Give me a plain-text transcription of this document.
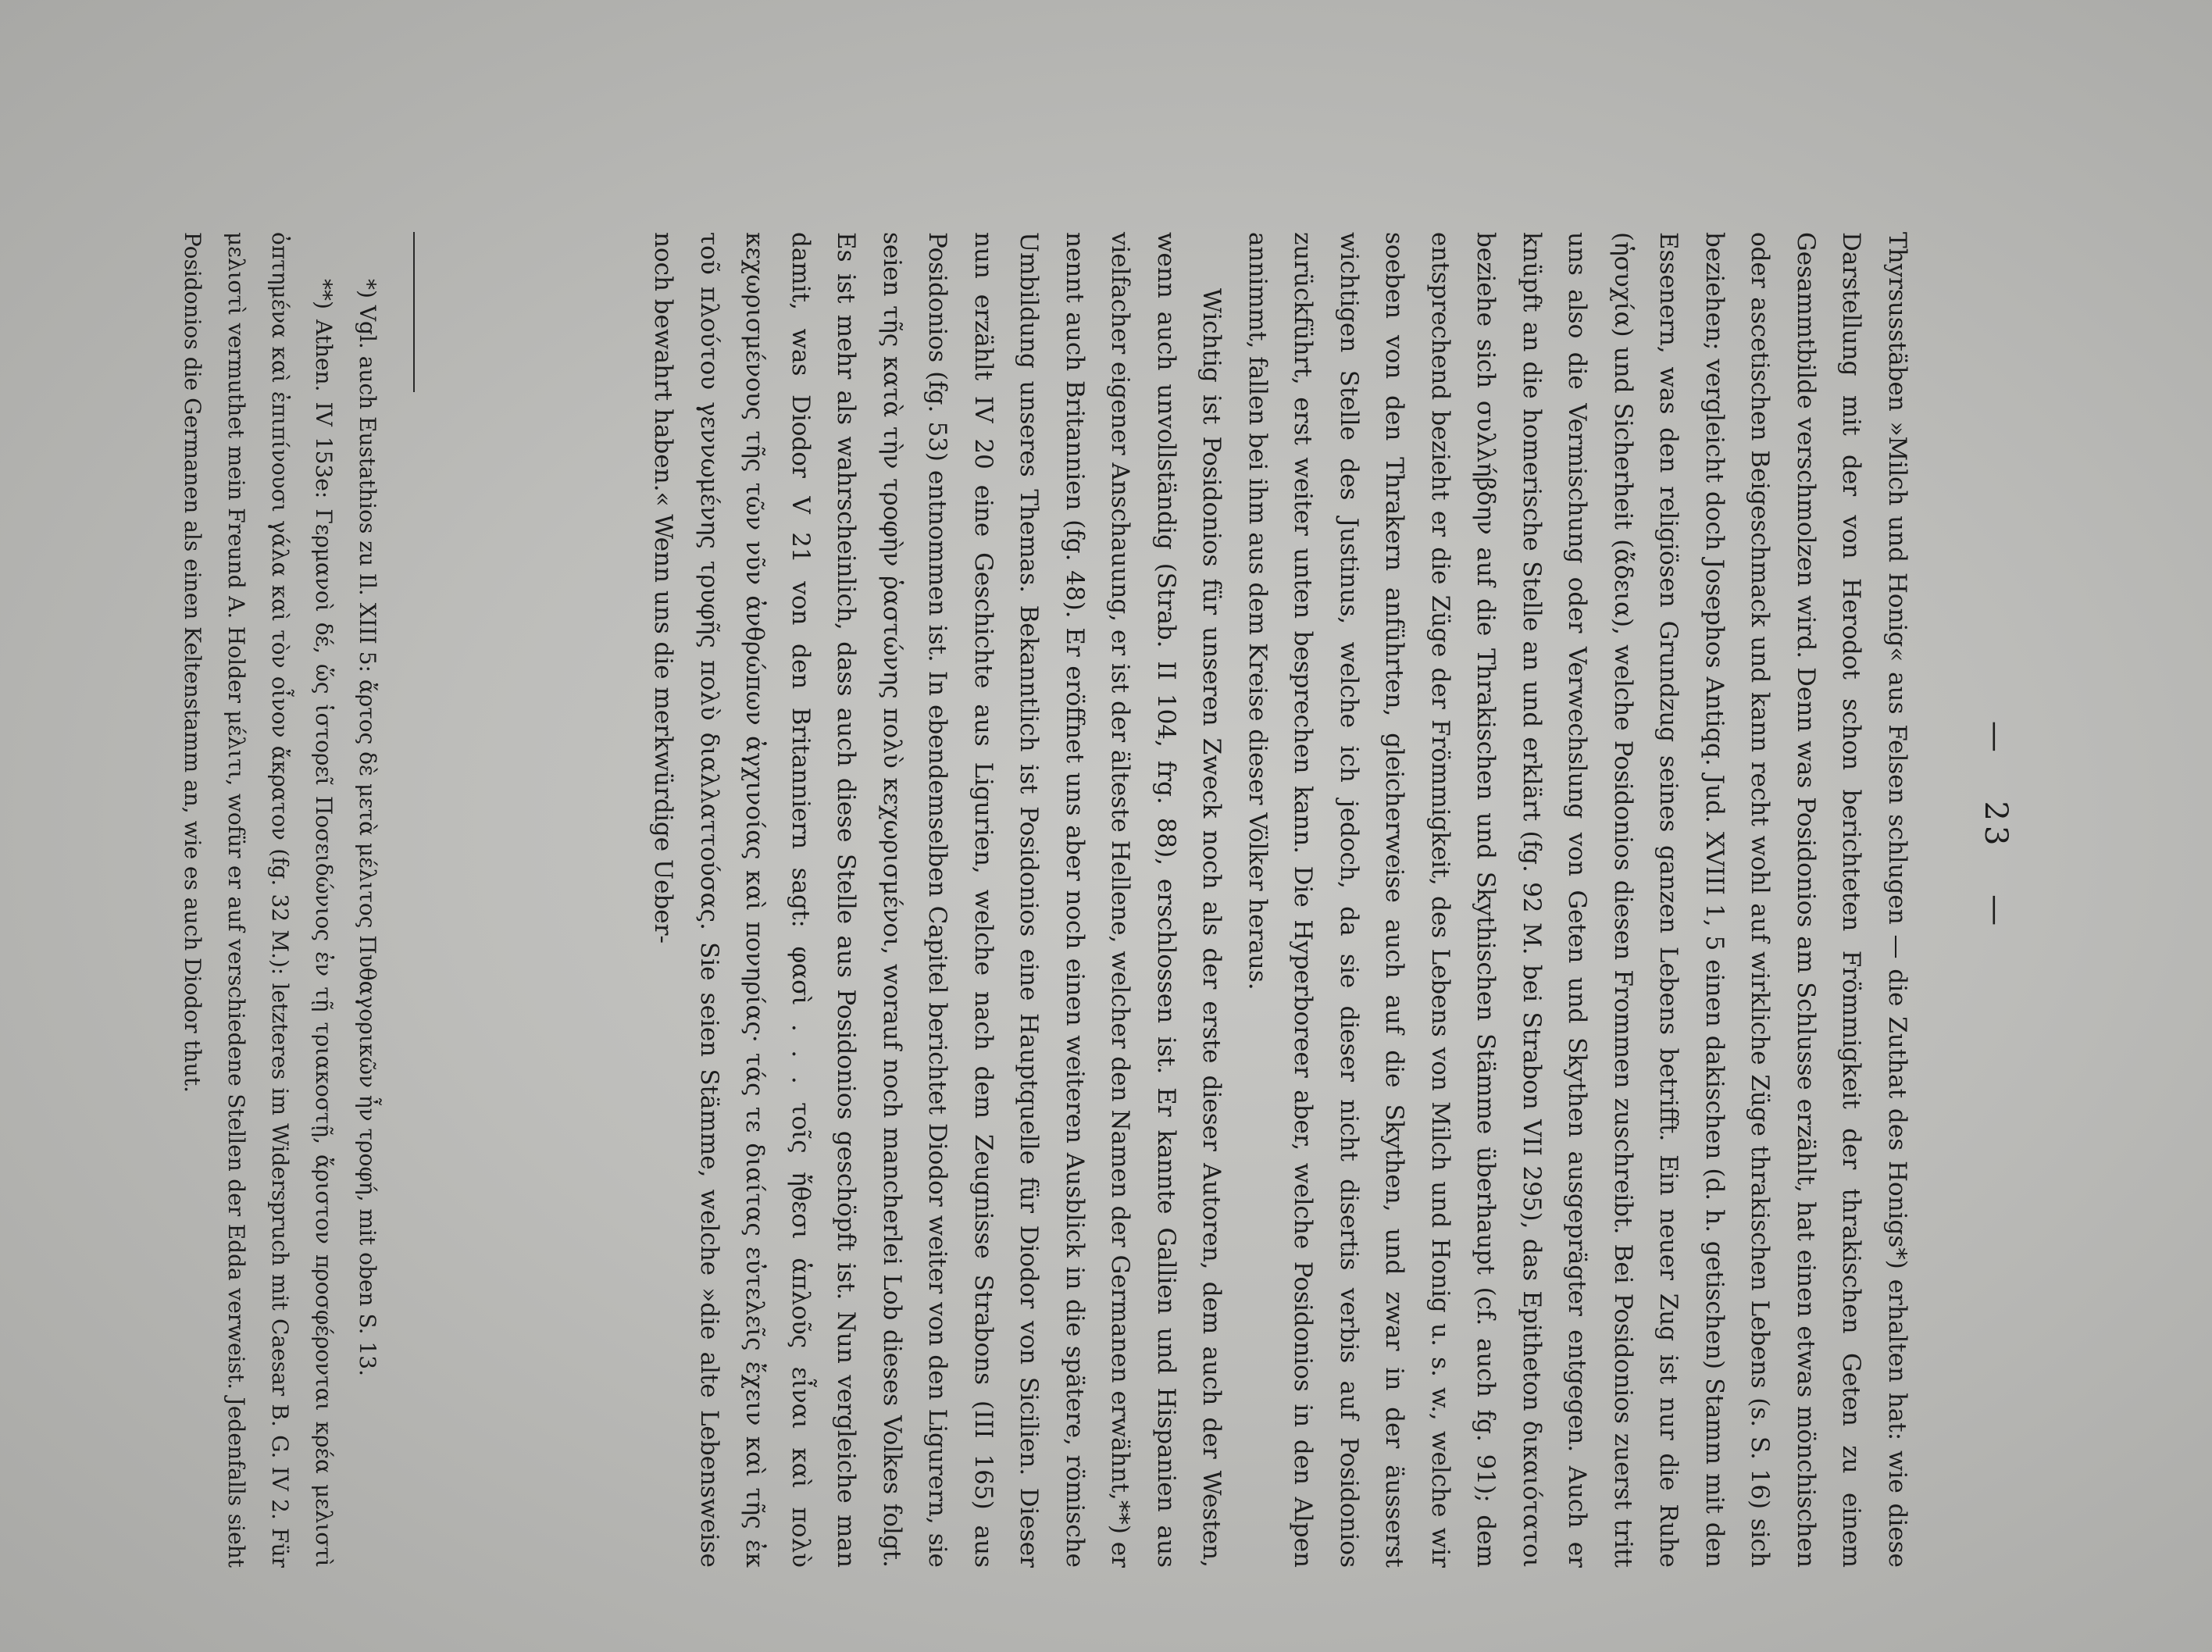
— 23 —

Thyrsusstäben »Milch und Honig« aus Felsen schlugen — die Zuthat des Honigs*) erhalten hat: wie diese Darstellung mit der von Herodot schon berichteten Frömmigkeit der thrakischen Geten zu einem Gesammtbilde verschmolzen wird. Denn was Posidonios am Schlusse erzählt, hat einen etwas mönchischen oder ascetischen Beigeschmack und kann recht wohl auf wirkliche Züge thrakischen Lebens (s. S. 16) sich beziehen; vergleicht doch Josephos Antiqq. Jud. XVIII 1, 5 einen dakischen (d. h. getischen) Stamm mit den Essenern, was den religiösen Grundzug seines ganzen Lebens betrifft. Ein neuer Zug ist nur die Ruhe (ἡσυχία) und Sicherheit (ἄδεια), welche Posidonios diesen Frommen zuschreibt. Bei Posidonios zuerst tritt uns also die Vermischung oder Verwechslung von Geten und Skythen ausgeprägter entgegen. Auch er knüpft an die homerische Stelle an und erklärt (fg. 92 M. bei Strabon VII 295), das Epitheton δικαιότατοι beziehe sich συλλήβδην auf die Thrakischen und Skythischen Stämme überhaupt (cf. auch fg. 91); dem entsprechend bezieht er die Züge der Frömmigkeit, des Lebens von Milch und Honig u. s. w., welche wir soeben von den Thrakern anführten, gleicherweise auch auf die Skythen, und zwar in der äusserst wichtigen Stelle des Justinus, welche ich jedoch, da sie dieser nicht disertis verbis auf Posidonios zurückführt, erst weiter unten besprechen kann. Die Hyperboreer aber, welche Posidonios in den Alpen annimmt, fallen bei ihm aus dem Kreise dieser Völker heraus.

Wichtig ist Posidonios für unseren Zweck noch als der erste dieser Autoren, dem auch der Westen, wenn auch unvollständig (Strab. II 104, frg. 88), erschlossen ist. Er kannte Gallien und Hispanien aus vielfacher eigener Anschauung, er ist der älteste Hellene, welcher den Namen der Germanen erwähnt,**) er nennt auch Britannien (fg. 48). Er eröffnet uns aber noch einen weiteren Ausblick in die spätere, römische Umbildung unseres Themas. Bekanntlich ist Posidonios eine Hauptquelle für Diodor von Sicilien. Dieser nun erzählt IV 20 eine Geschichte aus Ligurien, welche nach dem Zeugnisse Strabons (III 165) aus Posidonios (fg. 53) entnommen ist. In ebendemselben Capitel berichtet Diodor weiter von den Ligurern, sie seien τῆς κατὰ τὴν τροφὴν ῥαστώνης πολὺ κεχωρισμένοι, worauf noch mancherlei Lob dieses Volkes folgt. Es ist mehr als wahrscheinlich, dass auch diese Stelle aus Posidonios geschöpft ist. Nun vergleiche man damit, was Diodor V 21 von den Britanniern sagt: φασὶ . . . τοῖς ἤθεσι ἁπλοῦς εἶναι καὶ πολὺ κεχωρισμένους τῆς τῶν νῦν ἀνθρώπων ἀγχινοίας καὶ πονηρίας· τάς τε διαίτας εὐτελεῖς ἔχειν καὶ τῆς ἐκ τοῦ πλούτου γεννωμένης τρυφῆς πολὺ διαλλαττούσας. Sie seien Stämme, welche »die alte Lebensweise noch bewahrt haben.« Wenn uns die merkwürdige Ueber-

*) Vgl. auch Eustathios zu Il. XIII 5: ἄρτος δὲ μετὰ μέλιτος Πυθαγορικῶν ἦν τροφή, mit oben S. 13.

**) Athen. IV 153e: Γερμανοὶ δέ, ὥς ἱστορεῖ Ποσειδώνιος ἐν τῇ τριακοστῇ, ἄριστον προσφέρονται κρέα μελιστὶ ὀπτημένα καὶ ἐπιπίνουσι γάλα καὶ τὸν οἶνον ἄκρατον (fg. 32 M.): letzteres im Widerspruch mit Caesar B. G. IV 2. Für μελιστὶ vermuthet mein Freund A. Holder μέλιτι, wofür er auf verschiedene Stellen der Edda verweist. Jedenfalls sieht Posidonios die Germanen als einen Keltenstamm an, wie es auch Diodor thut.
